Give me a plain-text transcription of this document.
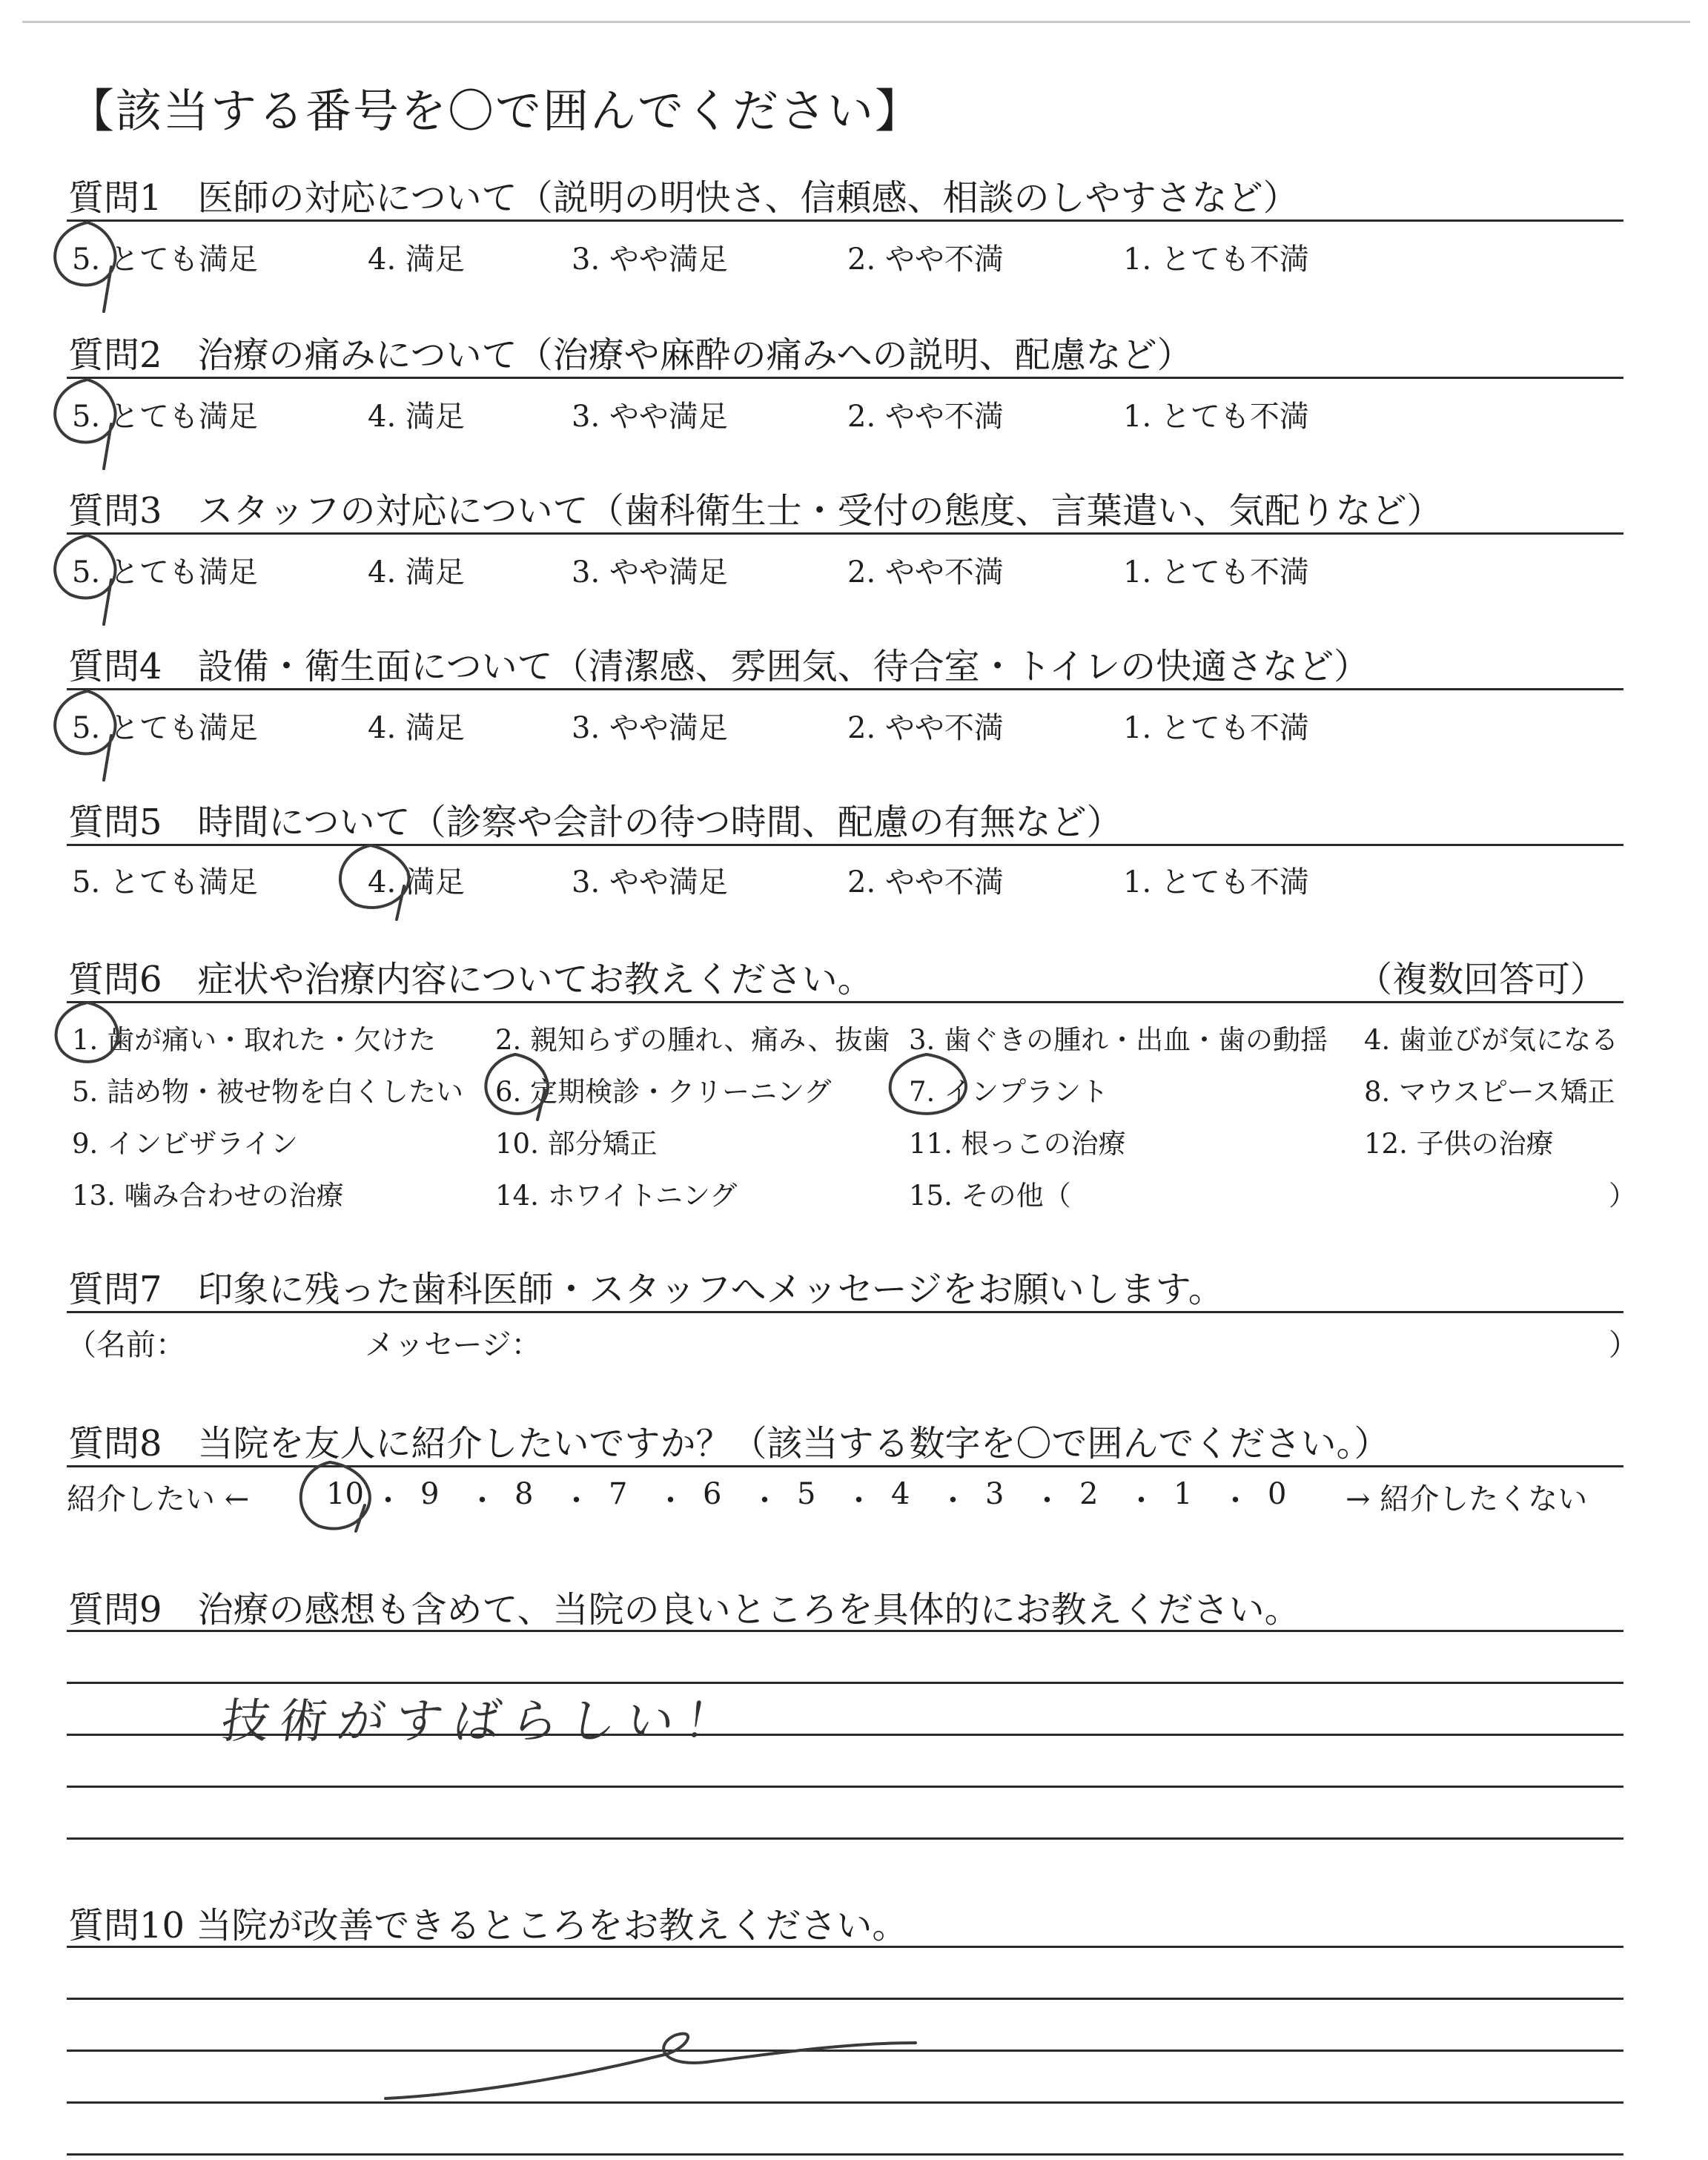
【該当する番号を〇で囲んでください】
質問1　医師の対応について（説明の明快さ、信頼感、相談のしやすさなど）
5. とても満足	4. 満足	3. やや満足	2. やや不満	1. とても不満
質問2　治療の痛みについて（治療や麻酔の痛みへの説明、配慮など）
5. とても満足	4. 満足	3. やや満足	2. やや不満	1. とても不満
質問3　スタッフの対応について（歯科衛生士・受付の態度、言葉遣い、気配りなど）
5. とても満足	4. 満足	3. やや満足	2. やや不満	1. とても不満
質問4　設備・衛生面について（清潔感、雰囲気、待合室・トイレの快適さなど）
5. とても満足	4. 満足	3. やや満足	2. やや不満	1. とても不満
質問5　時間について（診察や会計の待つ時間、配慮の有無など）
5. とても満足	4. 満足	3. やや満足	2. やや不満	1. とても不満
質問6　症状や治療内容についてお教えください。	（複数回答可）
1. 歯が痛い・取れた・欠けた 2. 親知らずの腫れ、痛み、抜歯 3. 歯ぐきの腫れ・出血・歯の動揺 4. 歯並びが気になる
5. 詰め物・被せ物を白くしたい 6. 定期検診・クリーニング	7. インプラント	8. マウスピース矯正
9. インビザライン	10. 部分矯正	11. 根っこの治療	12. 子供の治療
13. 噛み合わせの治療	14. ホワイトニング	15. その他（	）
質問7　印象に残った歯科医師・スタッフへメッセージをお願いします。
（名前：	メッセージ：	）
質問8　当院を友人に紹介したいですか？（該当する数字を〇で囲んでください。）
紹介したい ←	10 ・ 9 ・ 8 ・ 7 ・ 6 ・ 5 ・ 4 ・ 3 ・ 2 ・ 1 ・ 0 → 紹介したくない
質問9　治療の感想も含めて、当院の良いところを具体的にお教えください。
技術がすばらしい！
質問10 当院が改善できるところをお教えください。
